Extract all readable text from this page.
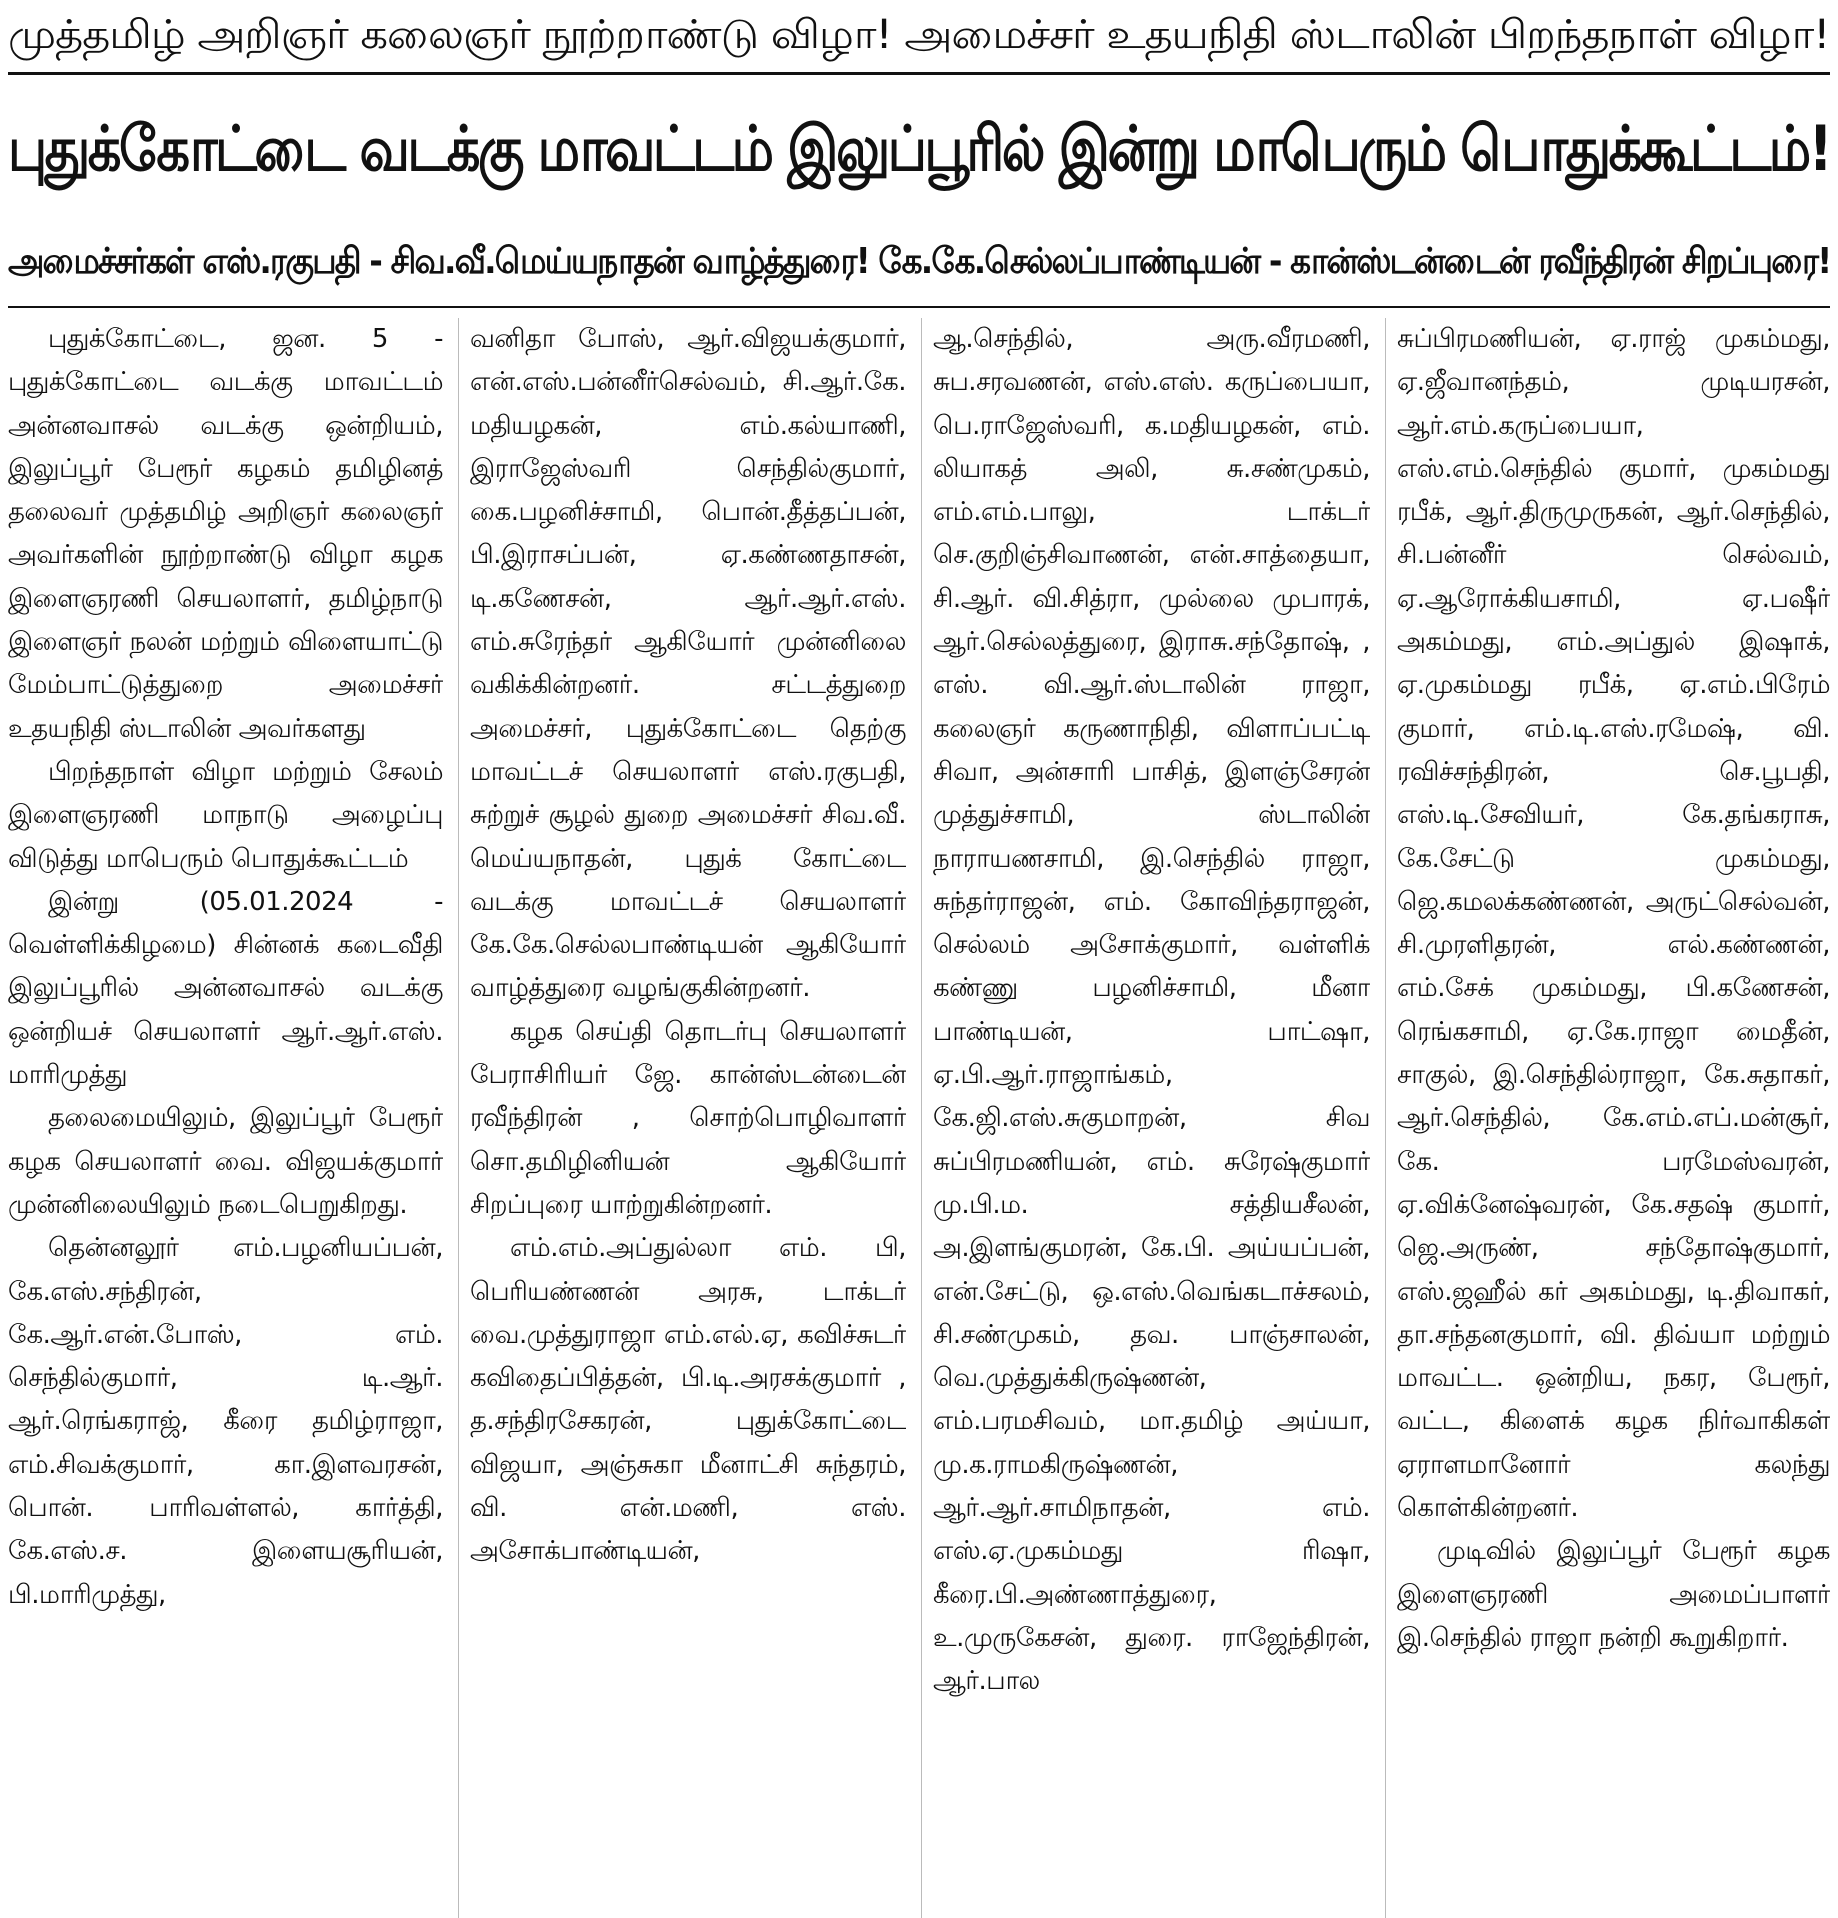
முத்தமிழ் அறிஞர் கலைஞர் நூற்றாண்டு விழா! அமைச்சர் உதயநிதி ஸ்டாலின் பிறந்தநாள் விழா!
புதுக்கோட்டை வடக்கு மாவட்டம் இலுப்பூரில் இன்று மாபெரும் பொதுக்கூட்டம்!
அமைச்சர்கள் எஸ்.ரகுபதி - சிவ.வீ.மெய்யநாதன் வாழ்த்துரை! கே.கே.செல்லப்பாண்டியன் - கான்ஸ்டன்டைன் ரவீந்திரன் சிறப்புரை!

புதுக்கோட்டை, ஜன. 5 - புதுக்கோட்டை வடக்கு மாவட்டம் அன்னவாசல் வடக்கு ஒன்றியம், இலுப்பூர் பேரூர் கழகம் தமிழினத் தலைவர் முத்தமிழ் அறிஞர் கலைஞர் அவர்களின் நூற்றாண்டு விழா கழக இளைஞரணி செயலாளர், தமிழ்நாடு இளைஞர் நலன் மற்றும் விளையாட்டு மேம்பாட்டுத்துறை அமைச்சர் உதயநிதி ஸ்டாலின் அவர்களது

பிறந்தநாள் விழா மற்றும் சேலம் இளைஞரணி மாநாடு அழைப்பு விடுத்து மாபெரும் பொதுக்கூட்டம்

இன்று (05.01.2024 - வெள்ளிக்கிழமை) சின்னக் கடைவீதி இலுப்பூரில் அன்னவாசல் வடக்கு ஒன்றியச் செயலாளர் ஆர்.ஆர்.எஸ். மாரிமுத்து

தலைமையிலும், இலுப்பூர் பேரூர் கழக செயலாளர் வை. விஜயக்குமார் முன்னிலையிலும் நடைபெறுகிறது.

தென்னலூர் எம்.பழனியப்பன், கே.எஸ்.சந்திரன், கே.ஆர்.என்.போஸ், எம். செந்தில்குமார், டி.ஆர். ஆர்.ரெங்கராஜ், கீரை தமிழ்ராஜா, எம்.சிவக்குமார், கா.இளவரசன், பொன். பாரிவள்ளல், கார்த்தி, கே.எஸ்.ச. இளையசூரியன், பி.மாரிமுத்து,

வனிதா போஸ், ஆர்.விஜயக்குமார், என்.எஸ்.பன்னீர்செல்வம், சி.ஆர்.கே. மதியழகன், எம்.கல்யாணி, இராஜேஸ்வரி செந்தில்குமார், கை.பழனிச்சாமி, பொன்.தீத்தப்பன், பி.இராசப்பன், ஏ.கண்ணதாசன், டி.கணேசன், ஆர்.ஆர்.எஸ். எம்.சுரேந்தர் ஆகியோர் முன்னிலை வகிக்கின்றனர். சட்டத்துறை அமைச்சர், புதுக்கோட்டை தெற்கு மாவட்டச் செயலாளர் எஸ்.ரகுபதி, சுற்றுச் சூழல் துறை அமைச்சர் சிவ.வீ. மெய்யநாதன், புதுக் கோட்டை வடக்கு மாவட்டச் செயலாளர் கே.கே.செல்லபாண்டியன் ஆகியோர் வாழ்த்துரை வழங்குகின்றனர்.

கழக செய்தி தொடர்பு செயலாளர் பேராசிரியர் ஜே. கான்ஸ்டன்டைன் ரவீந்திரன் , சொற்பொழிவாளர் சொ.தமிழினியன் ஆகியோர் சிறப்புரை யாற்றுகின்றனர்.

எம்.எம்.அப்துல்லா எம். பி, பெரியண்ணன் அரசு, டாக்டர் வை.முத்துராஜா எம்.எல்.ஏ, கவிச்சுடர் கவிதைப்பித்தன், பி.டி.அரசக்குமார் , த.சந்திரசேகரன், புதுக்கோட்டை விஜயா, அஞ்சுகா மீனாட்சி சுந்தரம், வி. என்.மணி, எஸ். அசோக்பாண்டியன்,

ஆ.செந்தில், அரு.வீரமணி, சுப.சரவணன், எஸ்.எஸ். கருப்பையா, பெ.ராஜேஸ்வரி, க.மதியழகன், எம். லியாகத் அலி, சு.சண்முகம், எம்.எம்.பாலு, டாக்டர் செ.குறிஞ்சிவாணன், என்.சாத்தையா, சி.ஆர். வி.சித்ரா, முல்லை முபாரக், ஆர்.செல்லத்துரை, இராசு.சந்தோஷ், , எஸ். வி.ஆர்.ஸ்டாலின் ராஜா, கலைஞர் கருணாநிதி, விளாப்பட்டி சிவா, அன்சாரி பாசித், இளஞ்சேரன் முத்துச்சாமி, ஸ்டாலின் நாராயணசாமி, இ.செந்தில் ராஜா, சுந்தர்ராஜன், எம். கோவிந்தராஜன், செல்லம் அசோக்குமார், வள்ளிக் கண்ணு பழனிச்சாமி, மீனா பாண்டியன், பாட்ஷா, ஏ.பி.ஆர்.ராஜாங்கம், கே.ஜி.எஸ்.சுகுமாறன், சிவ சுப்பிரமணியன், எம். சுரேஷ்குமார் மு.பி.ம. சத்தியசீலன், அ.இளங்குமரன், கே.பி. அய்யப்பன், என்.சேட்டு, ஒ.எஸ்.வெங்கடாச்சலம், சி.சண்முகம், தவ. பாஞ்சாலன், வெ.முத்துக்கிருஷ்ணன், எம்.பரமசிவம், மா.தமிழ் அய்யா, மு.க.ராமகிருஷ்ணன், ஆர்.ஆர்.சாமிநாதன், எம். எஸ்.ஏ.முகம்மது ரிஷா, கீரை.பி.அண்ணாத்துரை, உ.முருகேசன், துரை. ராஜேந்திரன், ஆர்.பால

சுப்பிரமணியன், ஏ.ராஜ் முகம்மது, ஏ.ஜீவானந்தம், முடியரசன், ஆர்.எம்.கருப்பையா, எஸ்.எம்.செந்தில் குமார், முகம்மது ரபீக், ஆர்.திருமுருகன், ஆர்.செந்தில், சி.பன்னீர் செல்வம், ஏ.ஆரோக்கியசாமி, ஏ.பஷீர் அகம்மது, எம்.அப்துல் இஷாக், ஏ.முகம்மது ரபீக், ஏ.எம்.பிரேம் குமார், எம்.டி.எஸ்.ரமேஷ், வி. ரவிச்சந்திரன், செ.பூபதி, எஸ்.டி.சேவியர், கே.தங்கராசு, கே.சேட்டு முகம்மது, ஜெ.கமலக்கண்ணன், அருட்செல்வன், சி.முரளிதரன், எல்.கண்ணன், எம்.சேக் முகம்மது, பி.கணேசன், ரெங்கசாமி, ஏ.கே.ராஜா மைதீன், சாகுல், இ.செந்தில்ராஜா, கே.சுதாகர், ஆர்.செந்தில், கே.எம்.எப்.மன்சூர், கே. பரமேஸ்வரன், ஏ.விக்னேஷ்வரன், கே.சதஷ் குமார், ஜெ.அருண், சந்தோஷ்குமார், எஸ்.ஜஹீல் கர் அகம்மது, டி.திவாகர், தா.சந்தனகுமார், வி. திவ்யா மற்றும் மாவட்ட. ஒன்றிய, நகர, பேரூர், வட்ட, கிளைக் கழக நிர்வாகிகள் ஏராளமானோர் கலந்து கொள்கின்றனர்.

முடிவில் இலுப்பூர் பேரூர் கழக இளைஞரணி அமைப்பாளர் இ.செந்தில் ராஜா நன்றி கூறுகிறார்.
